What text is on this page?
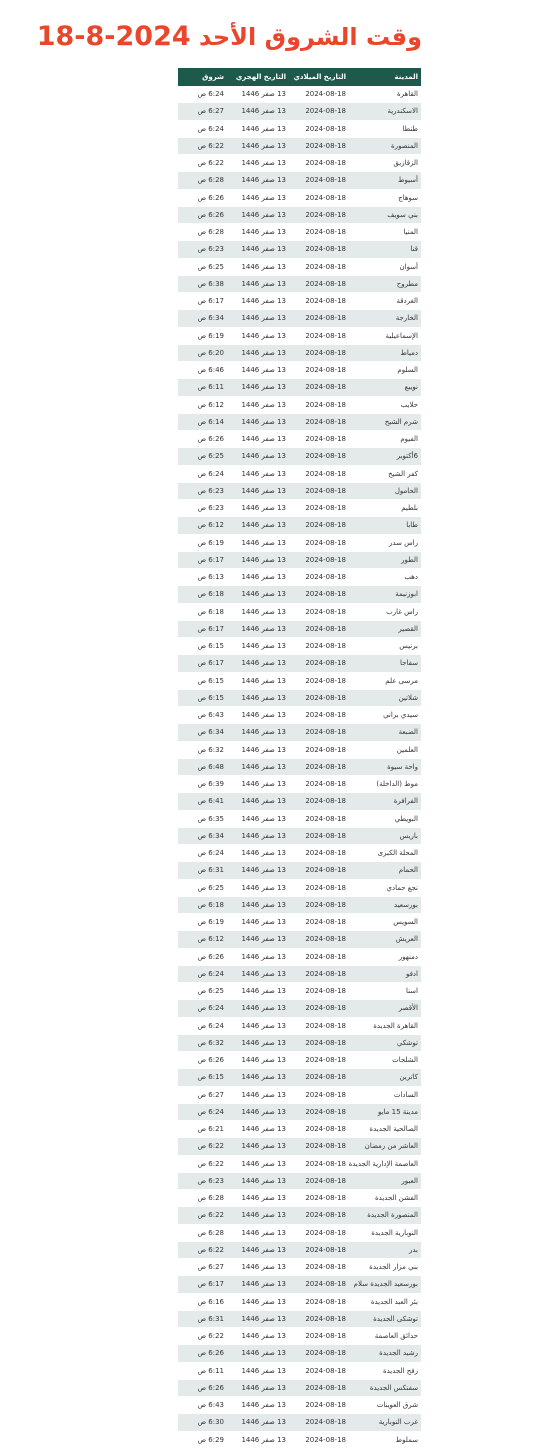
وقت الشروق الأحد 18-8-2024
المدينة	التاريخ الميلادي	التاريخ الهجري	شروق
القاهرة	2024-08-18	13 صفر 1446	6:24 ص
الاسكندرية	2024-08-18	13 صفر 1446	6:27 ص
طنطا	2024-08-18	13 صفر 1446	6:24 ص
المنصورة	2024-08-18	13 صفر 1446	6:22 ص
الزقازيق	2024-08-18	13 صفر 1446	6:22 ص
أسيوط	2024-08-18	13 صفر 1446	6:28 ص
سوهاج	2024-08-18	13 صفر 1446	6:26 ص
بني سويف	2024-08-18	13 صفر 1446	6:26 ص
المنيا	2024-08-18	13 صفر 1446	6:28 ص
قنا	2024-08-18	13 صفر 1446	6:23 ص
أسوان	2024-08-18	13 صفر 1446	6:25 ص
مطروح	2024-08-18	13 صفر 1446	6:38 ص
الغردقة	2024-08-18	13 صفر 1446	6:17 ص
الخارجة	2024-08-18	13 صفر 1446	6:34 ص
الإسماعيلية	2024-08-18	13 صفر 1446	6:19 ص
دمياط	2024-08-18	13 صفر 1446	6:20 ص
السلوم	2024-08-18	13 صفر 1446	6:46 ص
نويبع	2024-08-18	13 صفر 1446	6:11 ص
حلايب	2024-08-18	13 صفر 1446	6:12 ص
شرم الشيخ	2024-08-18	13 صفر 1446	6:14 ص
الفيوم	2024-08-18	13 صفر 1446	6:26 ص
6أكتوبر	2024-08-18	13 صفر 1446	6:25 ص
كفر الشيخ	2024-08-18	13 صفر 1446	6:24 ص
الحامول	2024-08-18	13 صفر 1446	6:23 ص
بلطيم	2024-08-18	13 صفر 1446	6:23 ص
طابا	2024-08-18	13 صفر 1446	6:12 ص
راس سدر	2024-08-18	13 صفر 1446	6:19 ص
الطور	2024-08-18	13 صفر 1446	6:17 ص
دهب	2024-08-18	13 صفر 1446	6:13 ص
ابوزنيمة	2024-08-18	13 صفر 1446	6:18 ص
راس غارب	2024-08-18	13 صفر 1446	6:18 ص
القصير	2024-08-18	13 صفر 1446	6:17 ص
برنيس	2024-08-18	13 صفر 1446	6:15 ص
سفاجا	2024-08-18	13 صفر 1446	6:17 ص
مرسى علم	2024-08-18	13 صفر 1446	6:15 ص
شلاتين	2024-08-18	13 صفر 1446	6:15 ص
سيدي براني	2024-08-18	13 صفر 1446	6:43 ص
الضبعة	2024-08-18	13 صفر 1446	6:34 ص
العلمين	2024-08-18	13 صفر 1446	6:32 ص
واحة سيوة	2024-08-18	13 صفر 1446	6:48 ص
موط (الداخلة)	2024-08-18	13 صفر 1446	6:39 ص
الفرافرة	2024-08-18	13 صفر 1446	6:41 ص
البويطي	2024-08-18	13 صفر 1446	6:35 ص
باريس	2024-08-18	13 صفر 1446	6:34 ص
المحلة الكبرى	2024-08-18	13 صفر 1446	6:24 ص
الحمام	2024-08-18	13 صفر 1446	6:31 ص
نجع حمادي	2024-08-18	13 صفر 1446	6:25 ص
بورسعيد	2024-08-18	13 صفر 1446	6:18 ص
السويس	2024-08-18	13 صفر 1446	6:19 ص
العريش	2024-08-18	13 صفر 1446	6:12 ص
دمنهور	2024-08-18	13 صفر 1446	6:26 ص
ادفو	2024-08-18	13 صفر 1446	6:24 ص
اسنا	2024-08-18	13 صفر 1446	6:25 ص
الأقصر	2024-08-18	13 صفر 1446	6:24 ص
القاهرة الجديدة	2024-08-18	13 صفر 1446	6:24 ص
توشكي	2024-08-18	13 صفر 1446	6:32 ص
الشلجات	2024-08-18	13 صفر 1446	6:26 ص
كاترين	2024-08-18	13 صفر 1446	6:15 ص
السادات	2024-08-18	13 صفر 1446	6:27 ص
مدينة 15 مايو	2024-08-18	13 صفر 1446	6:24 ص
الصالحية الجديدة	2024-08-18	13 صفر 1446	6:21 ص
العاشر من رمضان	2024-08-18	13 صفر 1446	6:22 ص
العاصمة الإدارية الجديدة	2024-08-18	13 صفر 1446	6:22 ص
العبور	2024-08-18	13 صفر 1446	6:23 ص
الفشن الجديدة	2024-08-18	13 صفر 1446	6:28 ص
المنصورة الجديدة	2024-08-18	13 صفر 1446	6:22 ص
النوبارية الجديدة	2024-08-18	13 صفر 1446	6:28 ص
بدر	2024-08-18	13 صفر 1446	6:22 ص
بني مزار الجديدة	2024-08-18	13 صفر 1446	6:27 ص
بورسعيد الجديدة سلام	2024-08-18	13 صفر 1446	6:17 ص
بئر العبد الجديدة	2024-08-18	13 صفر 1446	6:16 ص
توشكى الجديدة	2024-08-18	13 صفر 1446	6:31 ص
حدائق العاصمة	2024-08-18	13 صفر 1446	6:22 ص
رشيد الجديدة	2024-08-18	13 صفر 1446	6:26 ص
رفح الجديدة	2024-08-18	13 صفر 1446	6:11 ص
سفنكس الجديدة	2024-08-18	13 صفر 1446	6:26 ص
شرق العوينات	2024-08-18	13 صفر 1446	6:43 ص
غرب النوبارية	2024-08-18	13 صفر 1446	6:30 ص
سملوط	2024-08-18	13 صفر 1446	6:29 ص
